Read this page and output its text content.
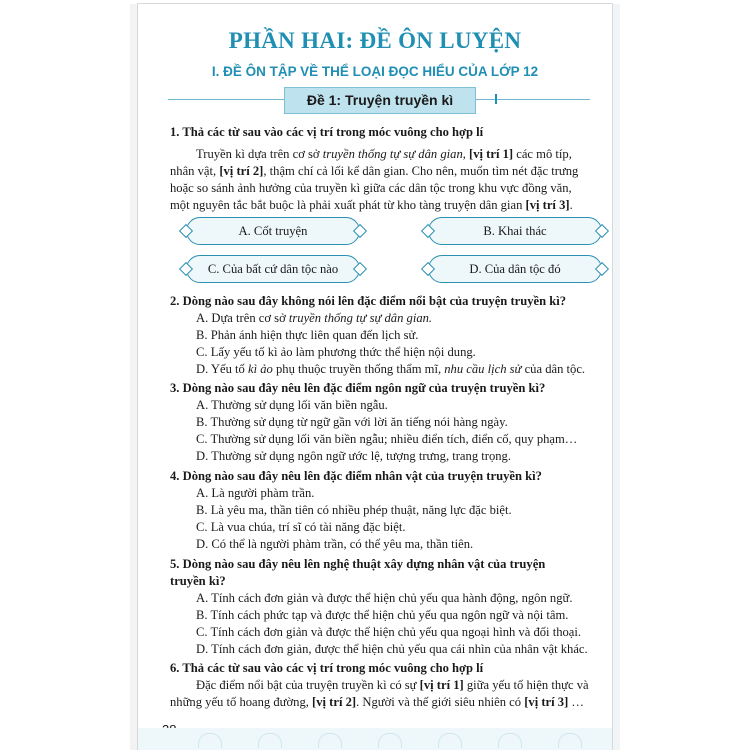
PHẦN HAI: ĐỀ ÔN LUYỆN
I. ĐỀ ÔN TẬP VỀ THỂ LOẠI ĐỌC HIỂU CỦA LỚP 12
Đề 1: Truyện truyền kì
1. Thả các từ sau vào các vị trí trong móc vuông cho hợp lí
Truyền kì dựa trên cơ sở truyền thống tự sự dân gian, [vị trí 1] các mô típ,
nhân vật, [vị trí 2], thậm chí cả lối kể dân gian. Cho nên, muốn tìm nét đặc trưng
hoặc so sánh ảnh hưởng của truyền kì giữa các dân tộc trong khu vực đồng văn,
một nguyên tắc bắt buộc là phải xuất phát từ kho tàng truyện dân gian [vị trí 3].
A. Cốt truyện	B. Khai thác
C. Của bất cứ dân tộc nào	D. Của dân tộc đó
2. Dòng nào sau đây không nói lên đặc điểm nổi bật của truyện truyền kì?
A. Dựa trên cơ sở truyền thống tự sự dân gian.
B. Phản ánh hiện thực liên quan đến lịch sử.
C. Lấy yếu tố kì ảo làm phương thức thể hiện nội dung.
D. Yếu tố kì ảo phụ thuộc truyền thống thẩm mĩ, nhu cầu lịch sử của dân tộc.
3. Dòng nào sau đây nêu lên đặc điểm ngôn ngữ của truyện truyền kì?
A. Thường sử dụng lối văn biền ngẫu.
B. Thường sử dụng từ ngữ gần với lời ăn tiếng nói hàng ngày.
C. Thường sử dụng lối văn biền ngẫu; nhiều điển tích, điển cố, quy phạm…
D. Thường sử dụng ngôn ngữ ước lệ, tượng trưng, trang trọng.
4. Dòng nào sau đây nêu lên đặc điểm nhân vật của truyện truyền kì?
A. Là người phàm trần.
B. Là yêu ma, thần tiên có nhiều phép thuật, năng lực đặc biệt.
C. Là vua chúa, trí sĩ có tài năng đặc biệt.
D. Có thể là người phàm trần, có thể yêu ma, thần tiên.
5. Dòng nào sau đây nêu lên nghệ thuật xây dựng nhân vật của truyện
truyền kì?
A. Tính cách đơn giản và được thể hiện chủ yếu qua hành động, ngôn ngữ.
B. Tính cách phức tạp và được thể hiện chủ yếu qua ngôn ngữ và nội tâm.
C. Tính cách đơn giản và được thể hiện chủ yếu qua ngoại hình và đối thoại.
D. Tính cách đơn giản, được thể hiện chủ yếu qua cái nhìn của nhân vật khác.
6. Thả các từ sau vào các vị trí trong móc vuông cho hợp lí
Đặc điểm nổi bật của truyện truyền kì có sự [vị trí 1] giữa yếu tố hiện thực và
những yếu tố hoang đường, [vị trí 2]. Người và thế giới siêu nhiên có [vị trí 3] …
